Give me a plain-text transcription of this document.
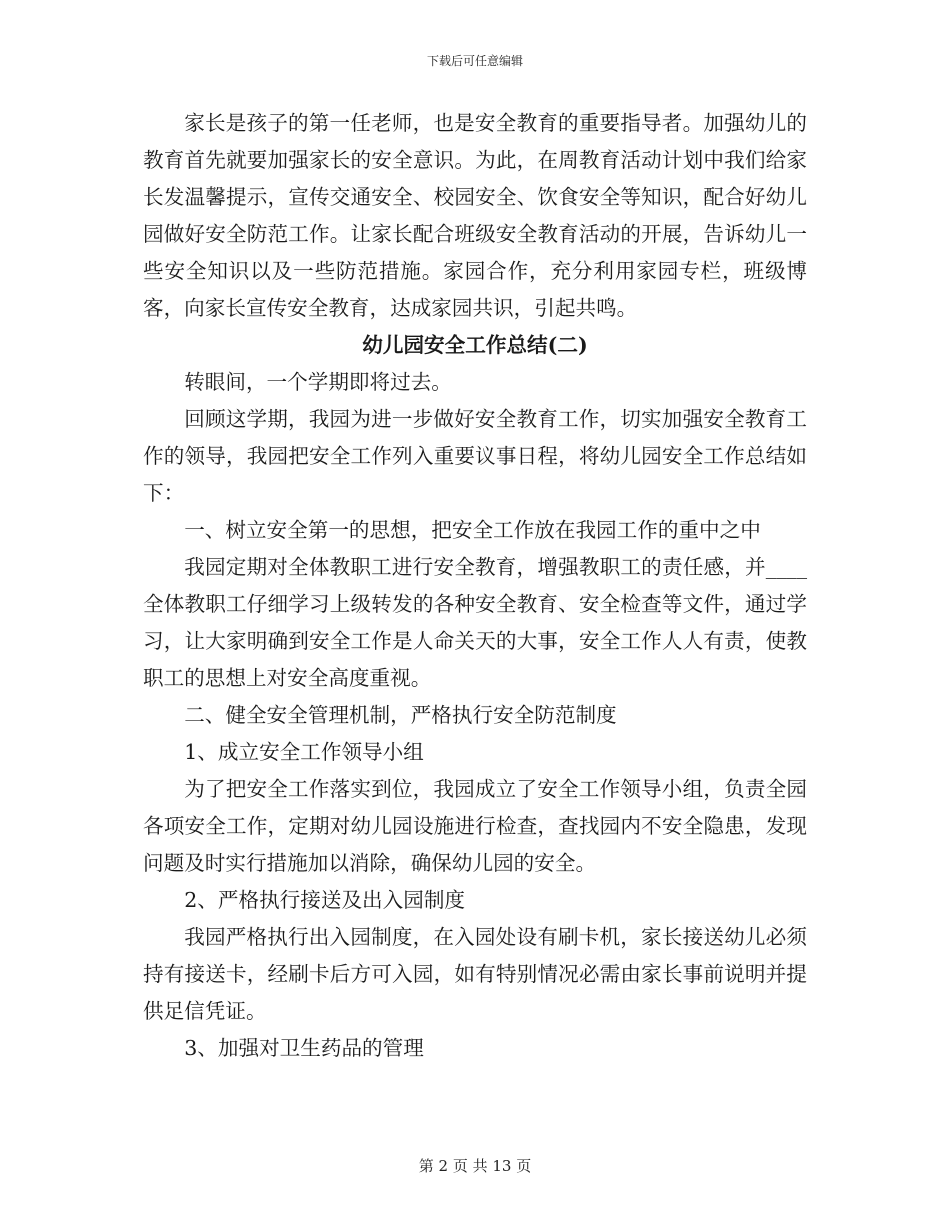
下载后可任意编辑

家长是孩子的第一任老师，也是安全教育的重要指导者。加强幼儿的教育首先就要加强家长的安全意识。为此，在周教育活动计划中我们给家长发温馨提示，宣传交通安全、校园安全、饮食安全等知识，配合好幼儿园做好安全防范工作。让家长配合班级安全教育活动的开展，告诉幼儿一些安全知识以及一些防范措施。家园合作，充分利用家园专栏，班级博客，向家长宣传安全教育，达成家园共识，引起共鸣。

幼儿园安全工作总结(二)

转眼间，一个学期即将过去。

回顾这学期，我园为进一步做好安全教育工作，切实加强安全教育工作的领导，我园把安全工作列入重要议事日程，将幼儿园安全工作总结如下：

一、树立安全第一的思想，把安全工作放在我园工作的重中之中

我园定期对全体教职工进行安全教育，增强教职工的责任感，并____全体教职工仔细学习上级转发的各种安全教育、安全检查等文件，通过学习，让大家明确到安全工作是人命关天的大事，安全工作人人有责，使教职工的思想上对安全高度重视。

二、健全安全管理机制，严格执行安全防范制度

1、成立安全工作领导小组

为了把安全工作落实到位，我园成立了安全工作领导小组，负责全园各项安全工作，定期对幼儿园设施进行检查，查找园内不安全隐患，发现问题及时实行措施加以消除，确保幼儿园的安全。

2、严格执行接送及出入园制度

我园严格执行出入园制度，在入园处设有刷卡机，家长接送幼儿必须持有接送卡，经刷卡后方可入园，如有特别情况必需由家长事前说明并提供足信凭证。

3、加强对卫生药品的管理

第 2 页 共 13 页
